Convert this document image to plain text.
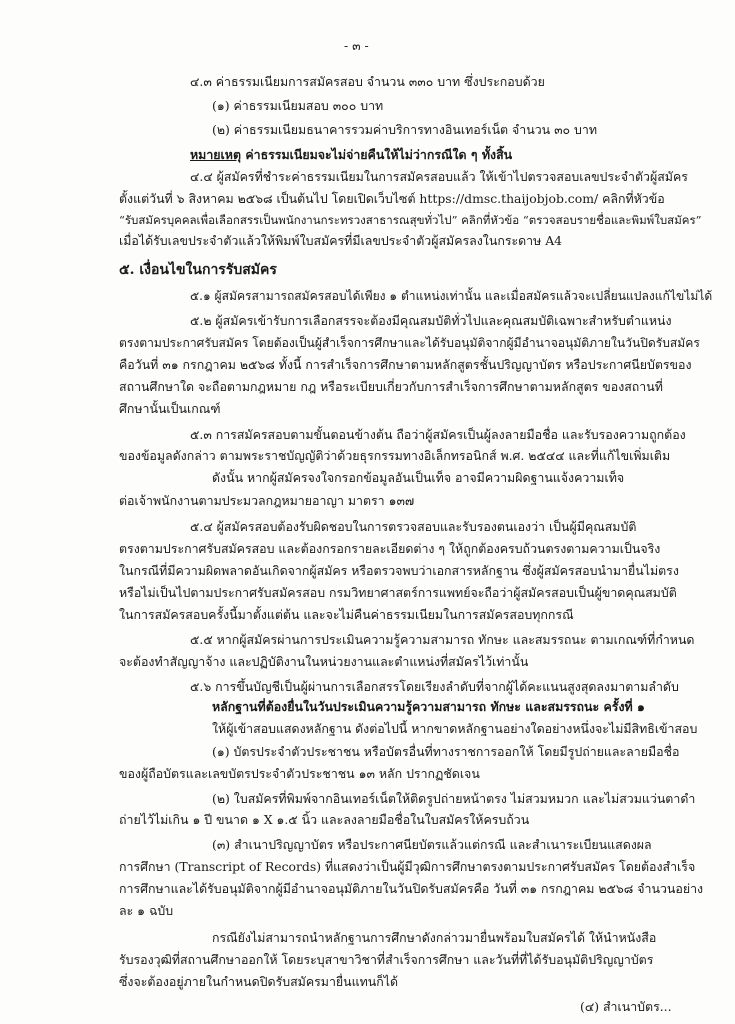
- ๓ -
๔.๓ ค่าธรรมเนียมการสมัครสอบ จำนวน ๓๓๐ บาท ซึ่งประกอบด้วย
(๑) ค่าธรรมเนียมสอบ ๓๐๐ บาท
(๒) ค่าธรรมเนียมธนาคารรวมค่าบริการทางอินเทอร์เน็ต จำนวน ๓๐ บาท
หมายเหตุ ค่าธรรมเนียมจะไม่จ่ายคืนให้ไม่ว่ากรณีใด ๆ ทั้งสิ้น
๔.๔ ผู้สมัครที่ชำระค่าธรรมเนียมในการสมัครสอบแล้ว ให้เข้าไปตรวจสอบเลขประจำตัวผู้สมัคร
ตั้งแต่วันที่ ๖ สิงหาคม ๒๕๖๘ เป็นต้นไป โดยเปิดเว็บไซต์ https://dmsc.thaijobjob.com/ คลิกที่หัวข้อ
“รับสมัครบุคคลเพื่อเลือกสรรเป็นพนักงานกระทรวงสาธารณสุขทั่วไป” คลิกที่หัวข้อ “ตรวจสอบรายชื่อและพิมพ์ใบสมัคร”
เมื่อได้รับเลขประจำตัวแล้วให้พิมพ์ใบสมัครที่มีเลขประจำตัวผู้สมัครลงในกระดาษ A4
๕. เงื่อนไขในการรับสมัคร
๕.๑ ผู้สมัครสามารถสมัครสอบได้เพียง ๑ ตำแหน่งเท่านั้น และเมื่อสมัครแล้วจะเปลี่ยนแปลงแก้ไขไม่ได้
๕.๒ ผู้สมัครเข้ารับการเลือกสรรจะต้องมีคุณสมบัติทั่วไปและคุณสมบัติเฉพาะสำหรับตำแหน่ง
ตรงตามประกาศรับสมัคร โดยต้องเป็นผู้สำเร็จการศึกษาและได้รับอนุมัติจากผู้มีอำนาจอนุมัติภายในวันปิดรับสมัคร
คือวันที่ ๓๑ กรกฎาคม ๒๕๖๘ ทั้งนี้ การสำเร็จการศึกษาตามหลักสูตรชั้นปริญญาบัตร หรือประกาศนียบัตรของ
สถานศึกษาใด จะถือตามกฎหมาย กฎ หรือระเบียบเกี่ยวกับการสำเร็จการศึกษาตามหลักสูตร ของสถานที่
ศึกษานั้นเป็นเกณฑ์
๕.๓ การสมัครสอบตามขั้นตอนข้างต้น ถือว่าผู้สมัครเป็นผู้ลงลายมือชื่อ และรับรองความถูกต้อง
ของข้อมูลดังกล่าว ตามพระราชบัญญัติว่าด้วยธุรกรรมทางอิเล็กทรอนิกส์ พ.ศ. ๒๕๔๔ และที่แก้ไขเพิ่มเติม
ดังนั้น หากผู้สมัครจงใจกรอกข้อมูลอันเป็นเท็จ อาจมีความผิดฐานแจ้งความเท็จ
ต่อเจ้าพนักงานตามประมวลกฎหมายอาญา มาตรา ๑๓๗
๕.๔ ผู้สมัครสอบต้องรับผิดชอบในการตรวจสอบและรับรองตนเองว่า เป็นผู้มีคุณสมบัติ
ตรงตามประกาศรับสมัครสอบ และต้องกรอกรายละเอียดต่าง ๆ ให้ถูกต้องครบถ้วนตรงตามความเป็นจริง
ในกรณีที่มีความผิดพลาดอันเกิดจากผู้สมัคร หรือตรวจพบว่าเอกสารหลักฐาน ซึ่งผู้สมัครสอบนำมายื่นไม่ตรง
หรือไม่เป็นไปตามประกาศรับสมัครสอบ กรมวิทยาศาสตร์การแพทย์จะถือว่าผู้สมัครสอบเป็นผู้ขาดคุณสมบัติ
ในการสมัครสอบครั้งนี้มาตั้งแต่ต้น และจะไม่คืนค่าธรรมเนียมในการสมัครสอบทุกกรณี
๕.๕ หากผู้สมัครผ่านการประเมินความรู้ความสามารถ ทักษะ และสมรรถนะ ตามเกณฑ์ที่กำหนด
จะต้องทำสัญญาจ้าง และปฏิบัติงานในหน่วยงานและตำแหน่งที่สมัครไว้เท่านั้น
๕.๖ การขึ้นบัญชีเป็นผู้ผ่านการเลือกสรรโดยเรียงลำดับที่จากผู้ได้คะแนนสูงสุดลงมาตามลำดับ
หลักฐานที่ต้องยื่นในวันประเมินความรู้ความสามารถ ทักษะ และสมรรถนะ ครั้งที่ ๑
ให้ผู้เข้าสอบแสดงหลักฐาน ดังต่อไปนี้ หากขาดหลักฐานอย่างใดอย่างหนึ่งจะไม่มีสิทธิเข้าสอบ
(๑) บัตรประจำตัวประชาชน หรือบัตรอื่นที่ทางราชการออกให้ โดยมีรูปถ่ายและลายมือชื่อ
ของผู้ถือบัตรและเลขบัตรประจำตัวประชาชน ๑๓ หลัก ปรากฏชัดเจน
(๒) ใบสมัครที่พิมพ์จากอินเทอร์เน็ตให้ติดรูปถ่ายหน้าตรง ไม่สวมหมวก และไม่สวมแว่นตาดำ
ถ่ายไว้ไม่เกิน ๑ ปี ขนาด ๑ X ๑.๕ นิ้ว และลงลายมือชื่อในใบสมัครให้ครบถ้วน
(๓) สำเนาปริญญาบัตร หรือประกาศนียบัตรแล้วแต่กรณี และสำเนาระเบียนแสดงผล
การศึกษา (Transcript of Records) ที่แสดงว่าเป็นผู้มีวุฒิการศึกษาตรงตามประกาศรับสมัคร โดยต้องสำเร็จ
การศึกษาและได้รับอนุมัติจากผู้มีอำนาจอนุมัติภายในวันปิดรับสมัครคือ วันที่ ๓๑ กรกฎาคม ๒๕๖๘ จำนวนอย่าง
ละ ๑ ฉบับ
กรณียังไม่สามารถนำหลักฐานการศึกษาดังกล่าวมายื่นพร้อมใบสมัครได้ ให้นำหนังสือ
รับรองวุฒิที่สถานศึกษาออกให้ โดยระบุสาขาวิชาที่สำเร็จการศึกษา และวันที่ที่ได้รับอนุมัติปริญญาบัตร
ซึ่งจะต้องอยู่ภายในกำหนดปิดรับสมัครมายื่นแทนก็ได้
(๔) สำเนาบัตร...
